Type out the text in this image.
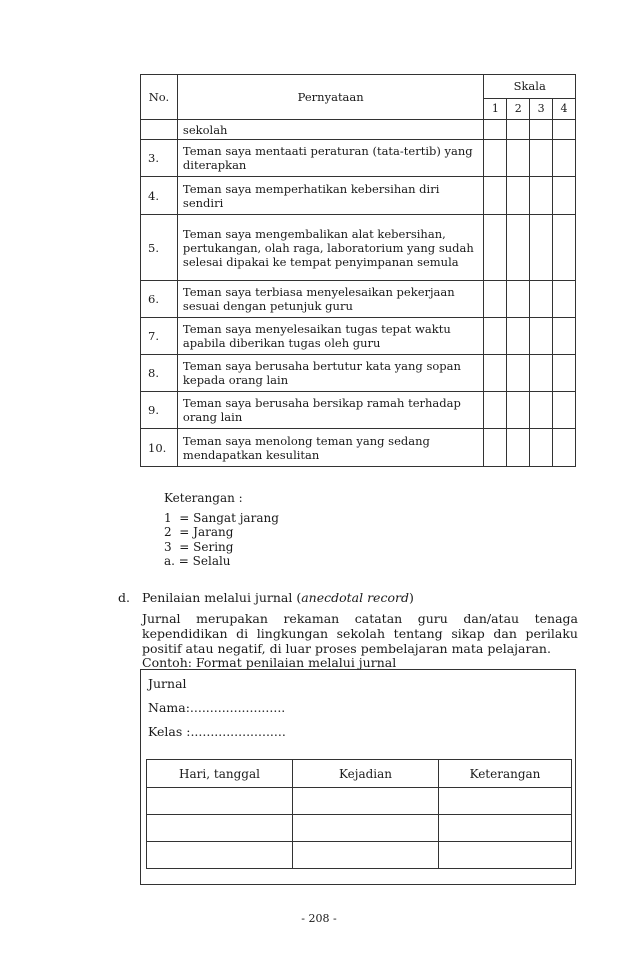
No.	Pernyataan	Skala			
		1	2	3	4
	sekolah				
3.	Teman saya mentaati peraturan (tata-tertib) yang diterapkan				
4.	Teman saya memperhatikan kebersihan diri sendiri				
5.	Teman saya mengembalikan alat kebersihan, pertukangan, olah raga, laboratorium yang sudah selesai dipakai ke tempat penyimpanan semula				
6.	Teman saya terbiasa menyelesaikan pekerjaan sesuai dengan petunjuk guru				
7.	Teman saya menyelesaikan tugas tepat waktu apabila diberikan tugas oleh guru				
8.	Teman saya berusaha bertutur kata yang sopan kepada orang lain				
9.	Teman saya berusaha bersikap ramah terhadap orang lain				
10.	Teman saya menolong teman yang sedang mendapatkan kesulitan				
Keterangan :
1  = Sangat jarang
2  = Jarang
3  = Sering
a. = Selalu
d. Penilaian melalui jurnal (anecdotal record)
Jurnal merupakan rekaman catatan guru dan/atau tenaga kependidikan di lingkungan sekolah tentang sikap dan perilaku positif atau negatif, di luar proses pembelajaran mata pelajaran.
Contoh: Format penilaian melalui jurnal
Jurnal
Nama:........................
Kelas :........................
Hari, tanggal	Kejadian	Keterangan

- 208 -
